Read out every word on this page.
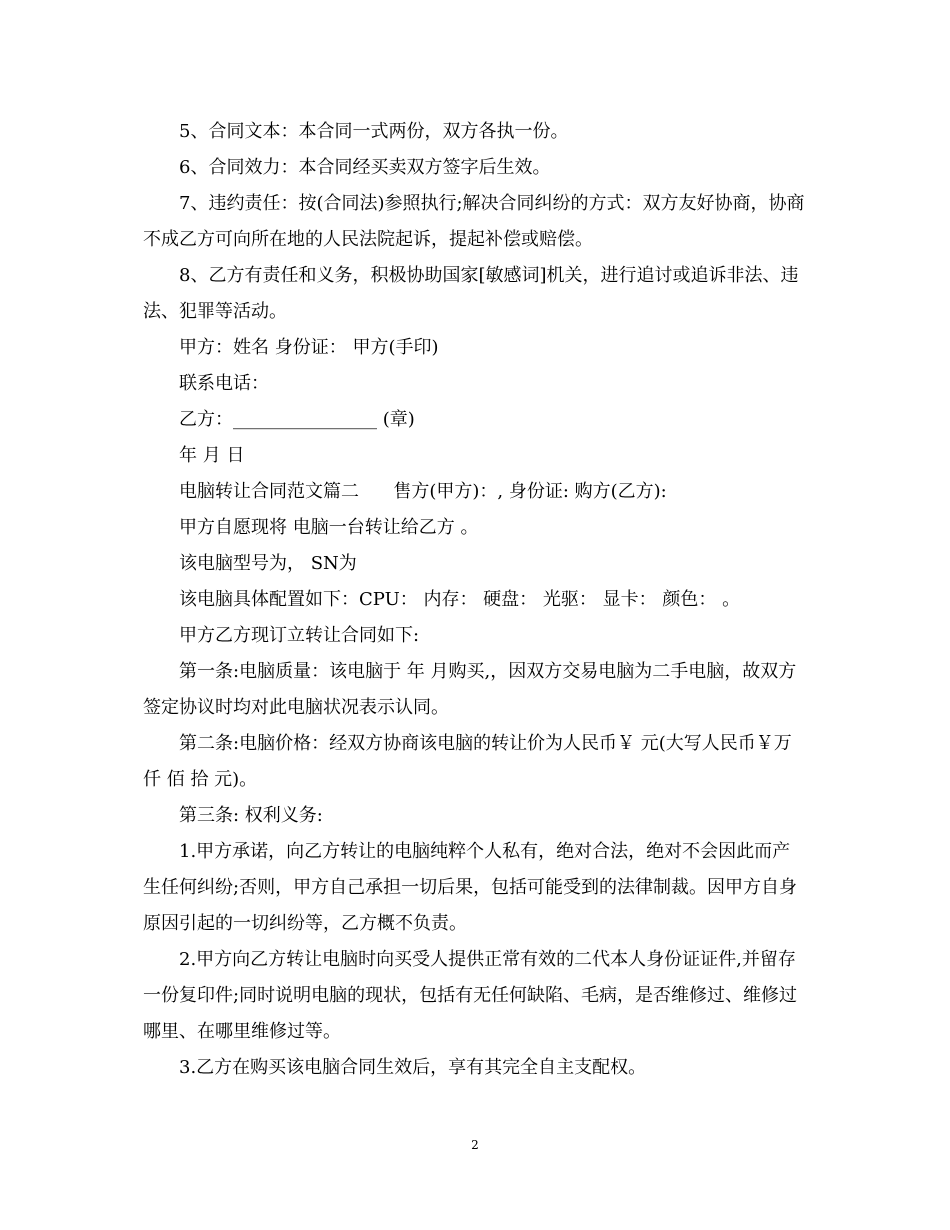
5、合同文本：本合同一式两份，双方各执一份。

6、合同效力：本合同经买卖双方签字后生效。

7、违约责任：按(合同法)参照执行;解决合同纠纷的方式：双方友好协商，协商不成乙方可向所在地的人民法院起诉，提起补偿或赔偿。

8、乙方有责任和义务，积极协助国家[敏感词]机关，进行追讨或追诉非法、违法、犯罪等活动。

甲方：姓名 身份证： 甲方(手印)

联系电话：

乙方：________________ (章)

年 月 日

电脑转让合同范文篇二      售方(甲方)：, 身份证: 购方(乙方):

甲方自愿现将 电脑一台转让给乙方 。

该电脑型号为， SN为

该电脑具体配置如下：CPU： 内存： 硬盘： 光驱： 显卡： 颜色： 。

甲方乙方现订立转让合同如下:

第一条:电脑质量：该电脑于 年 月购买,，因双方交易电脑为二手电脑，故双方签定协议时均对此电脑状况表示认同。

第二条:电脑价格：经双方协商该电脑的转让价为人民币￥ 元(大写人民币￥万 仟 佰 拾 元)。

第三条: 权利义务:

1.甲方承诺，向乙方转让的电脑纯粹个人私有，绝对合法，绝对不会因此而产生任何纠纷;否则，甲方自己承担一切后果，包括可能受到的法律制裁。因甲方自身原因引起的一切纠纷等，乙方概不负责。

2.甲方向乙方转让电脑时向买受人提供正常有效的二代本人身份证证件,并留存一份复印件;同时说明电脑的现状，包括有无任何缺陷、毛病，是否维修过、维修过哪里、在哪里维修过等。

3.乙方在购买该电脑合同生效后，享有其完全自主支配权。

2
